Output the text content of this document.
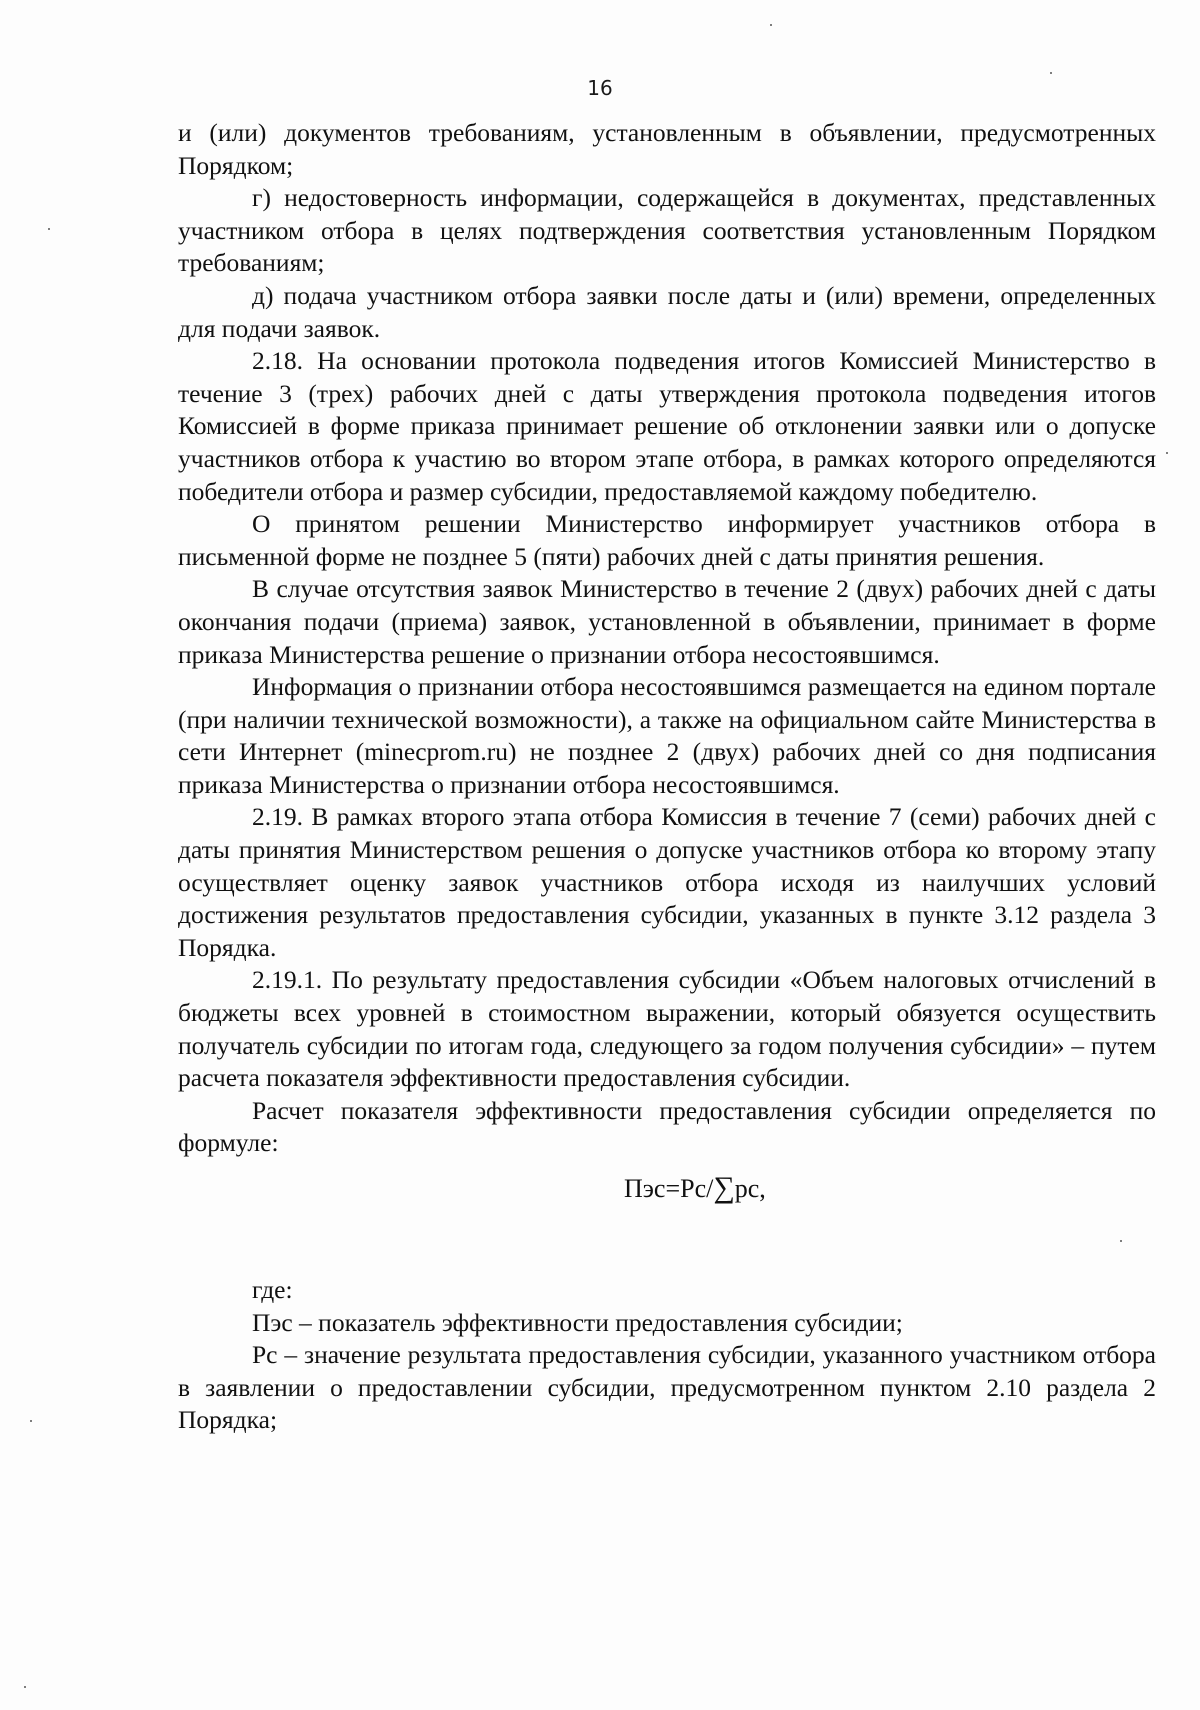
16

и (или) документов требованиям, установленным в объявлении, предусмотренных Порядком;

г) недостоверность информации, содержащейся в документах, представленных участником отбора в целях подтверждения соответствия установленным Порядком требованиям;

д) подача участником отбора заявки после даты и (или) времени, определенных для подачи заявок.

2.18. На основании протокола подведения итогов Комиссией Министерство в течение 3 (трех) рабочих дней с даты утверждения протокола подведения итогов Комиссией в форме приказа принимает решение об отклонении заявки или о допуске участников отбора к участию во втором этапе отбора, в рамках которого определяются победители отбора и размер субсидии, предоставляемой каждому победителю.

О принятом решении Министерство информирует участников отбора в письменной форме не позднее 5 (пяти) рабочих дней с даты принятия решения.

В случае отсутствия заявок Министерство в течение 2 (двух) рабочих дней с даты окончания подачи (приема) заявок, установленной в объявлении, принимает в форме приказа Министерства решение о признании отбора несостоявшимся.

Информация о признании отбора несостоявшимся размещается на едином портале (при наличии технической возможности), а также на официальном сайте Министерства в сети Интернет (minecprom.ru) не позднее 2 (двух) рабочих дней со дня подписания приказа Министерства о признании отбора несостоявшимся.

2.19. В рамках второго этапа отбора Комиссия в течение 7 (семи) рабочих дней с даты принятия Министерством решения о допуске участников отбора ко второму этапу осуществляет оценку заявок участников отбора исходя из наилучших условий достижения результатов предоставления субсидии, указанных в пункте 3.12 раздела 3 Порядка.

2.19.1. По результату предоставления субсидии «Объем налоговых отчислений в бюджеты всех уровней в стоимостном выражении, который обязуется осуществить получатель субсидии по итогам года, следующего за годом получения субсидии» – путем расчета показателя эффективности предоставления субсидии.

Расчет показателя эффективности предоставления субсидии определяется по формуле:

Пэс=Рс/∑рс,

где:

Пэс – показатель эффективности предоставления субсидии;

Рс – значение результата предоставления субсидии, указанного участником отбора в заявлении о предоставлении субсидии, предусмотренном пунктом 2.10 раздела 2 Порядка;
